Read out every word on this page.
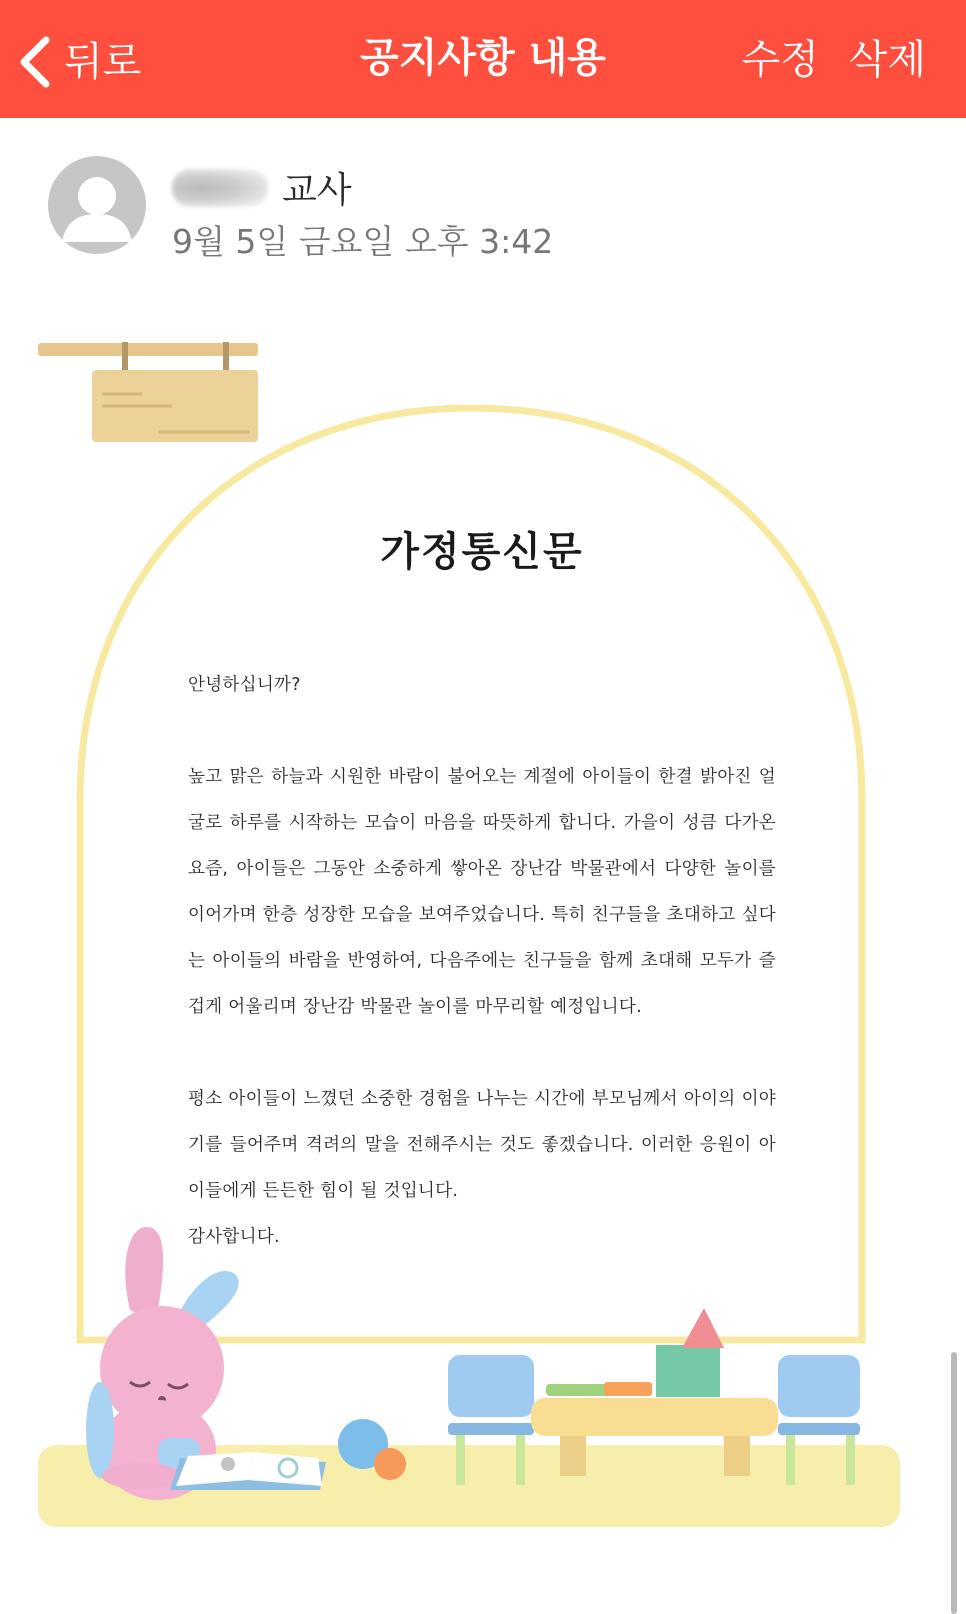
뒤로	공지사항 내용	수정 삭제
교사
9월 5일 금요일 오후 3:42
가정통신문

안녕하십니까?

높고 맑은 하늘과 시원한 바람이 불어오는 계절에 아이들이 한결 밝아진 얼굴로 하루를 시작하는 모습이 마음을 따뜻하게 합니다. 가을이 성큼 다가온 요즘, 아이들은 그동안 소중하게 쌓아온 장난감 박물관에서 다양한 놀이를 이어가며 한층 성장한 모습을 보여주었습니다. 특히 친구들을 초대하고 싶다는 아이들의 바람을 반영하여, 다음주에는 친구들을 함께 초대해 모두가 즐겁게 어울리며 장난감 박물관 놀이를 마무리할 예정입니다.

평소 아이들이 느꼈던 소중한 경험을 나누는 시간에 부모님께서 아이의 이야기를 들어주며 격려의 말을 전해주시는 것도 좋겠습니다. 이러한 응원이 아이들에게 든든한 힘이 될 것입니다.

감사합니다.
